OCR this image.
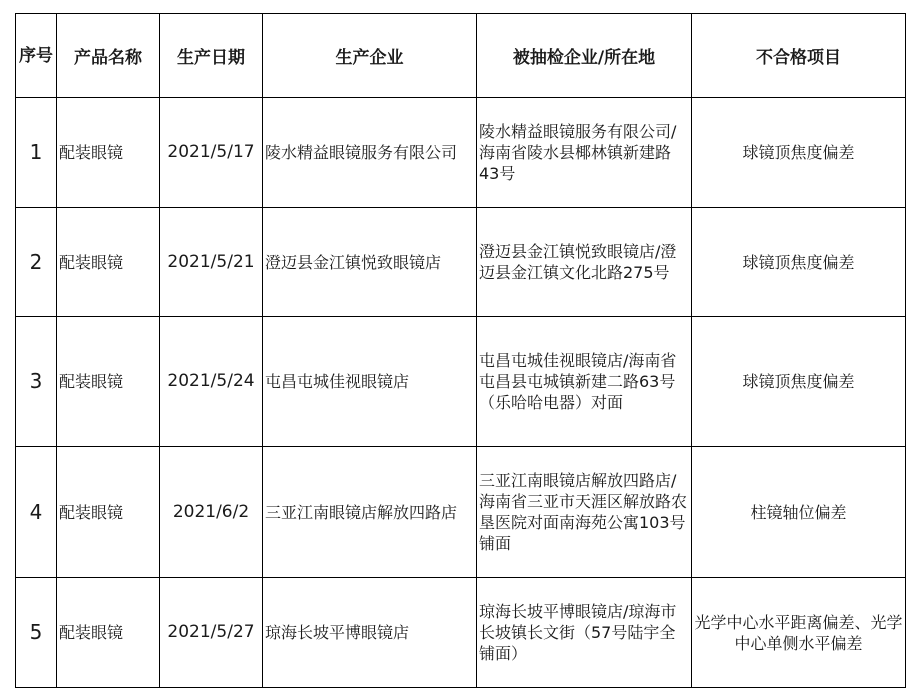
序号	产品名称	生产日期	生产企业	被抽检企业/所在地	不合格项目
1	配装眼镜	2021/5/17	陵水精益眼镜服务有限公司	陵水精益眼镜服务有限公司/海南省陵水县椰林镇新建路43号	球镜顶焦度偏差
2	配装眼镜	2021/5/21	澄迈县金江镇悦致眼镜店	澄迈县金江镇悦致眼镜店/澄迈县金江镇文化北路275号	球镜顶焦度偏差
3	配装眼镜	2021/5/24	屯昌屯城佳视眼镜店	屯昌屯城佳视眼镜店/海南省屯昌县屯城镇新建二路63号（乐哈哈电器）对面	球镜顶焦度偏差
4	配装眼镜	2021/6/2	三亚江南眼镜店解放四路店	三亚江南眼镜店解放四路店/海南省三亚市天涯区解放路农垦医院对面南海苑公寓103号铺面	柱镜轴位偏差
5	配装眼镜	2021/5/27	琼海长坡平博眼镜店	琼海长坡平博眼镜店/琼海市长坡镇长文街（57号陆宇全铺面）	光学中心水平距离偏差、光学中心单侧水平偏差
